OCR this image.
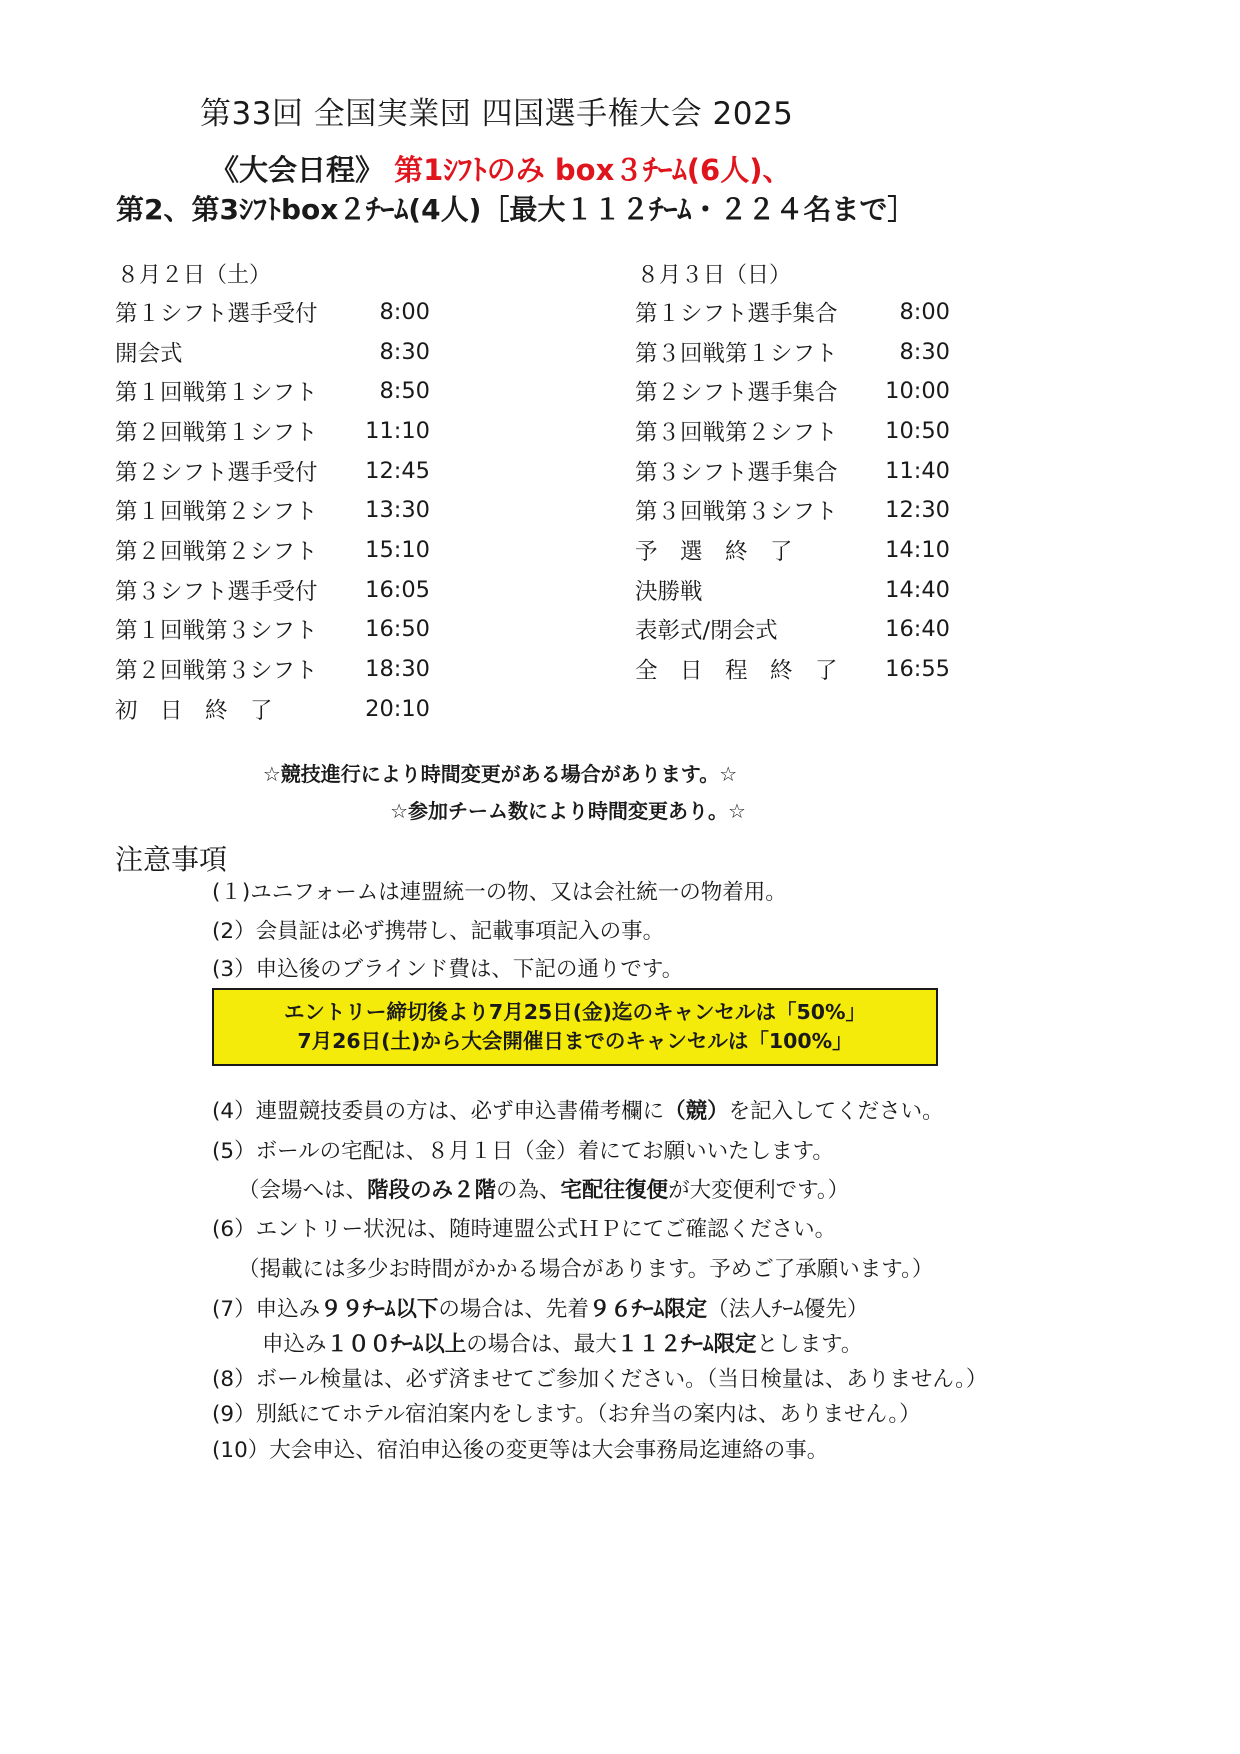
第33回 全国実業団 四国選手権大会 2025
《大会日程》 第1ｼﾌﾄのみ box３ﾁｰﾑ(6人)、
第2、第3ｼﾌﾄbox２ﾁｰﾑ(4人)［最大１１２ﾁｰﾑ・２２４名まで］
８月２日（土）
第１シフト選手受付	8:00
開会式	8:30
第１回戦第１シフト	8:50
第２回戦第１シフト	11:10
第２シフト選手受付	12:45
第１回戦第２シフト	13:30
第２回戦第２シフト	15:10
第３シフト選手受付	16:05
第１回戦第３シフト	16:50
第２回戦第３シフト	18:30
初　日　終　了	20:10
８月３日（日）
第１シフト選手集合	8:00
第３回戦第１シフト	8:30
第２シフト選手集合	10:00
第３回戦第２シフト	10:50
第３シフト選手集合	11:40
第３回戦第３シフト	12:30
予　選　終　了	14:10
決勝戦	14:40
表彰式/閉会式	16:40
全　日　程　終　了	16:55
☆競技進行により時間変更がある場合があります。☆
☆参加チーム数により時間変更あり。☆
注意事項
(１)ユニフォームは連盟統一の物、又は会社統一の物着用。
(2）会員証は必ず携帯し、記載事項記入の事。
(3）申込後のブラインド費は、下記の通りです。
エントリー締切後より7月25日(金)迄のキャンセルは「50%」
7月26日(土)から大会開催日までのキャンセルは「100%」
(4）連盟競技委員の方は、必ず申込書備考欄に（競）を記入してください。
(5）ボールの宅配は、８月１日（金）着にてお願いいたします。
（会場へは、階段のみ２階の為、宅配往復便が大変便利です。）
(6）エントリー状況は、随時連盟公式ＨＰにてご確認ください。
（掲載には多少お時間がかかる場合があります。予めご了承願います。）
(7）申込み９９ﾁｰﾑ以下の場合は、先着９６ﾁｰﾑ限定（法人ﾁｰﾑ優先）
申込み１００ﾁｰﾑ以上の場合は、最大１１２ﾁｰﾑ限定とします。
(8）ボール検量は、必ず済ませてご参加ください。（当日検量は、ありません。）
(9）別紙にてホテル宿泊案内をします。（お弁当の案内は、ありません。）
(10）大会申込、宿泊申込後の変更等は大会事務局迄連絡の事。
